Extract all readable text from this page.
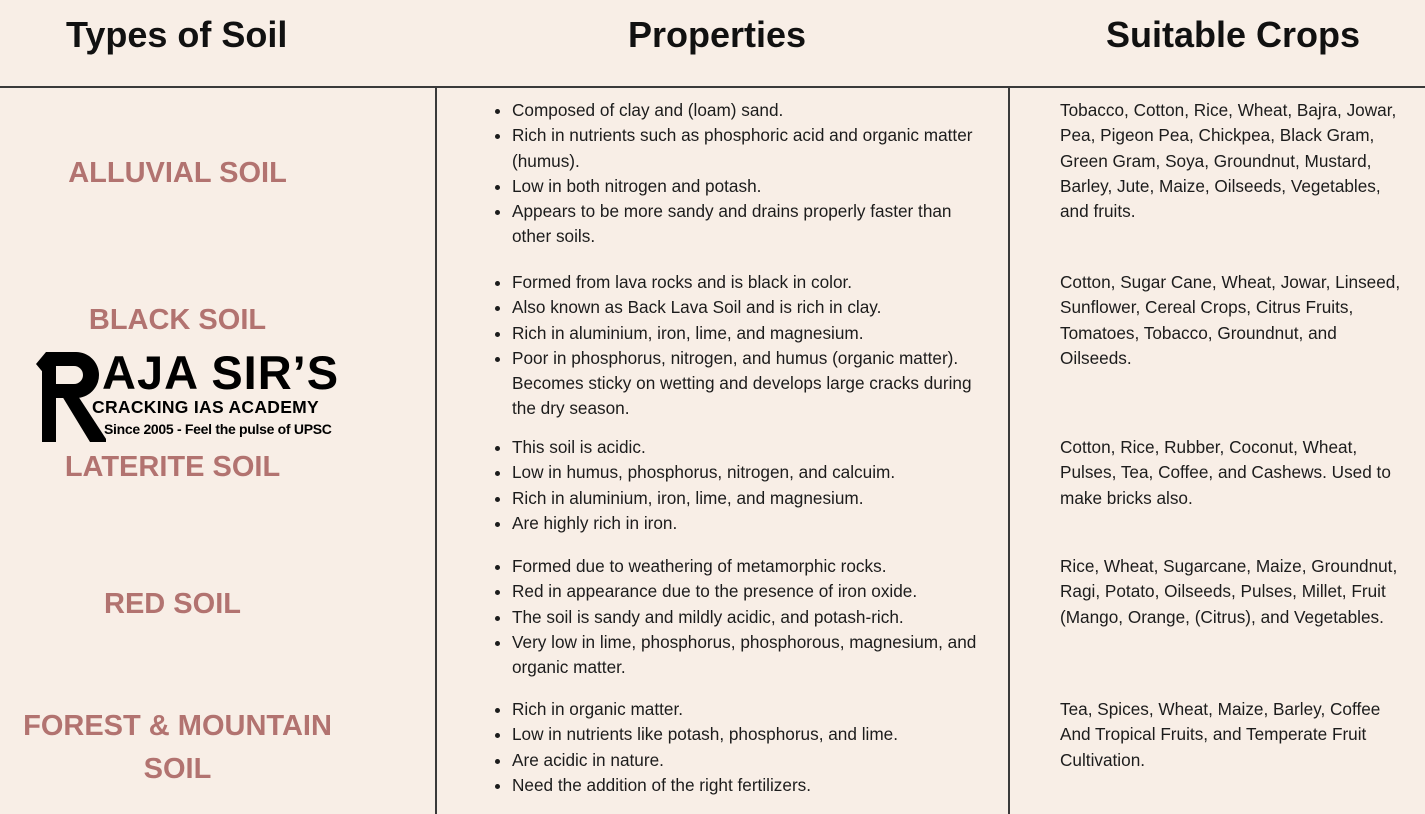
Types of Soil	Properties	Suitable Crops
ALLUVIAL SOIL
• Composed of clay and (loam) sand.
• Rich in nutrients such as phosphoric acid and organic matter (humus).
• Low in both nitrogen and potash.
• Appears to be more sandy and drains properly faster than other soils.
Tobacco, Cotton, Rice, Wheat, Bajra, Jowar, Pea, Pigeon Pea, Chickpea, Black Gram, Green Gram, Soya, Groundnut, Mustard, Barley, Jute, Maize, Oilseeds, Vegetables, and fruits.
BLACK SOIL
• Formed from lava rocks and is black in color.
• Also known as Back Lava Soil and is rich in clay.
• Rich in aluminium, iron, lime, and magnesium.
• Poor in phosphorus, nitrogen, and humus (organic matter). Becomes sticky on wetting and develops large cracks during the dry season.
Cotton, Sugar Cane, Wheat, Jowar, Linseed, Sunflower, Cereal Crops, Citrus Fruits, Tomatoes, Tobacco, Groundnut, and Oilseeds.
AJA SIR’S
CRACKING IAS ACADEMY
Since 2005 - Feel the pulse of UPSC
LATERITE SOIL
• This soil is acidic.
• Low in humus, phosphorus, nitrogen, and calcuim.
• Rich in aluminium, iron, lime, and magnesium.
• Are highly rich in iron.
Cotton, Rice, Rubber, Coconut, Wheat, Pulses, Tea, Coffee, and Cashews. Used to make bricks also.
RED SOIL
• Formed due to weathering of metamorphic rocks.
• Red in appearance due to the presence of iron oxide.
• The soil is sandy and mildly acidic, and potash-rich.
• Very low in lime, phosphorus, phosphorous, magnesium, and organic matter.
Rice, Wheat, Sugarcane, Maize, Groundnut, Ragi, Potato, Oilseeds, Pulses, Millet, Fruit (Mango, Orange, (Citrus), and Vegetables.
FOREST & MOUNTAIN SOIL
• Rich in organic matter.
• Low in nutrients like potash, phosphorus, and lime.
• Are acidic in nature.
• Need the addition of the right fertilizers.
Tea, Spices, Wheat, Maize, Barley, Coffee And Tropical Fruits, and Temperate Fruit Cultivation.
